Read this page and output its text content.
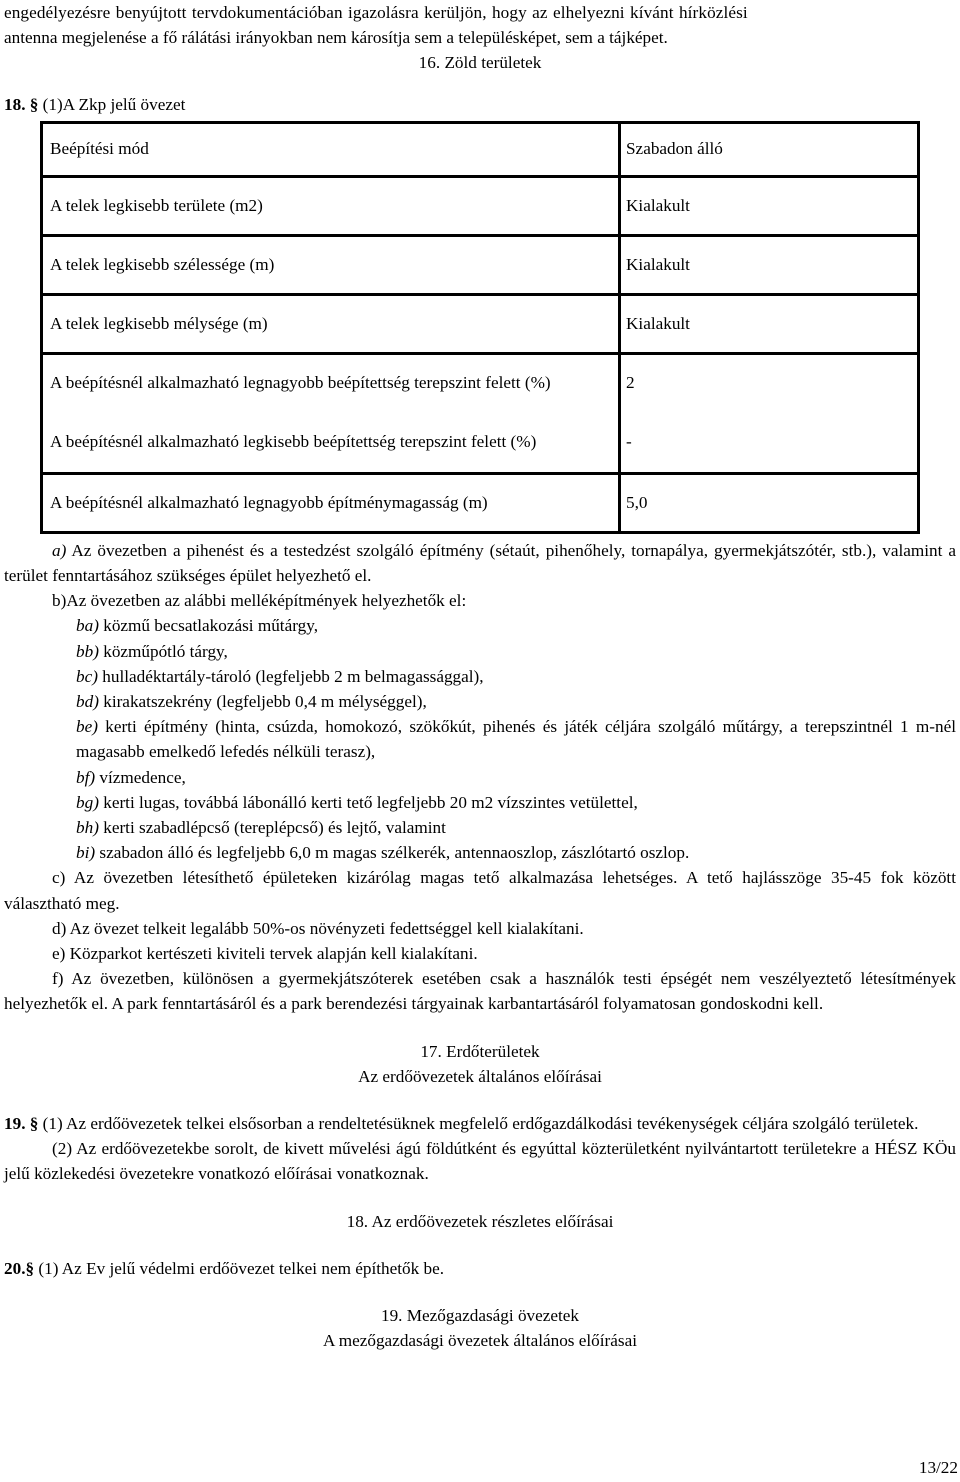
engedélyezésre benyújtott tervdokumentációban igazolásra kerüljön, hogy az elhelyezni kívánt hírközlési

antenna megjelenése a fő rálátási irányokban nem károsítja sem a településképet, sem a tájképet.

16. Zöld területek

18. § (1)A Zkp jelű övezet

Beépítési mód	Szabadon álló
A telek legkisebb területe (m2)	Kialakult
A telek legkisebb szélessége (m)	Kialakult
A telek legkisebb mélysége (m)	Kialakult
A beépítésnél alkalmazható legnagyobb beépítettség terepszint felett (%)	2
A beépítésnél alkalmazható legkisebb beépítettség terepszint felett (%)	-
A beépítésnél alkalmazható legnagyobb építménymagasság (m)	5,0

a) Az övezetben a pihenést és a testedzést szolgáló építmény (sétaút, pihenőhely, tornapálya, gyermekjátszótér, stb.), valamint a terület fenntartásához szükséges épület helyezhető el.

b)Az övezetben az alábbi melléképítmények helyezhetők el:

ba) közmű becsatlakozási műtárgy,

bb) közműpótló tárgy,

bc) hulladéktartály-tároló (legfeljebb 2 m belmagassággal),

bd) kirakatszekrény (legfeljebb 0,4 m mélységgel),

be) kerti építmény (hinta, csúzda, homokozó, szökőkút, pihenés és játék céljára szolgáló műtárgy, a terepszintnél 1 m-nél magasabb emelkedő lefedés nélküli terasz),

bf) vízmedence,

bg) kerti lugas, továbbá lábonálló kerti tető legfeljebb 20 m2 vízszintes vetülettel,

bh) kerti szabadlépcső (tereplépcső) és lejtő, valamint

bi) szabadon álló és legfeljebb 6,0 m magas szélkerék, antennaoszlop, zászlótartó oszlop.

c) Az övezetben létesíthető épületeken kizárólag magas tető alkalmazása lehetséges. A tető hajlásszöge 35-45 fok között választható meg.

d) Az övezet telkeit legalább 50%-os növényzeti fedettséggel kell kialakítani.

e) Közparkot kertészeti kiviteli tervek alapján kell kialakítani.

f) Az övezetben, különösen a gyermekjátszóterek esetében csak a használók testi épségét nem veszélyeztető létesítmények helyezhetők el. A park fenntartásáról és a park berendezési tárgyainak karbantartásáról folyamatosan gondoskodni kell.

17. Erdőterületek

Az erdőövezetek általános előírásai

19. § (1) Az erdőövezetek telkei elsősorban a rendeltetésüknek megfelelő erdőgazdálkodási tevékenységek céljára szolgáló területek.

(2) Az erdőövezetekbe sorolt, de kivett művelési ágú földútként és egyúttal közterületként nyilvántartott területekre a HÉSZ KÖu jelű közlekedési övezetekre vonatkozó előírásai vonatkoznak.

18. Az erdőövezetek részletes előírásai

20.§ (1) Az Ev jelű védelmi erdőövezet telkei nem építhetők be.

19. Mezőgazdasági övezetek

A mezőgazdasági övezetek általános előírásai

13/22
